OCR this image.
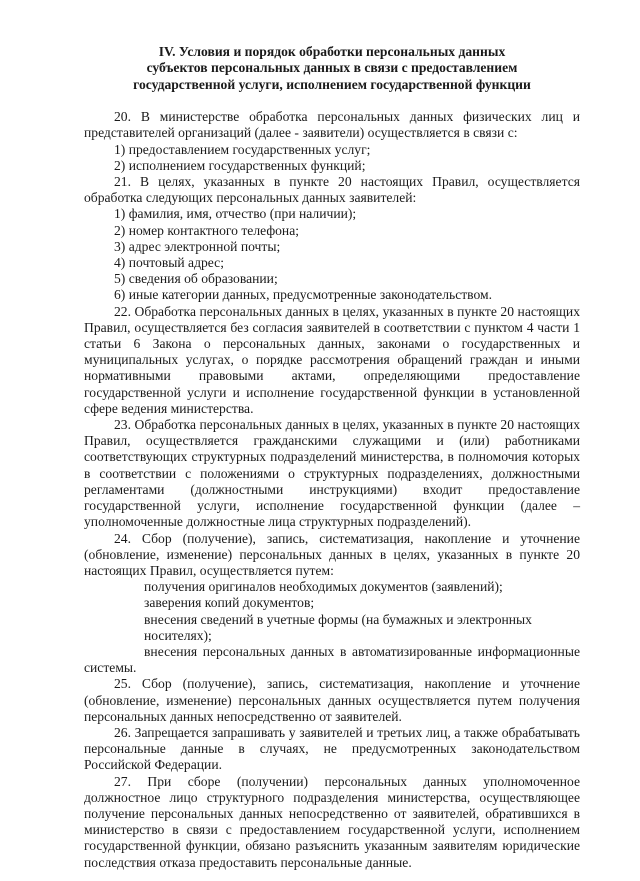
IV. Условия и порядок обработки персональных данных
субъектов персональных данных в связи с предоставлением
государственной услуги, исполнением государственной функции

20. В министерстве обработка персональных данных физических лиц и представителей организаций (далее - заявители) осуществляется в связи с:

1) предоставлением государственных услуг;

2) исполнением государственных функций;

21. В целях, указанных в пункте 20 настоящих Правил, осуществляется обработка следующих персональных данных заявителей:

1) фамилия, имя, отчество (при наличии);

2) номер контактного телефона;

3) адрес электронной почты;

4) почтовый адрес;

5) сведения об образовании;

6) иные категории данных, предусмотренные законодательством.

22. Обработка персональных данных в целях, указанных в пункте 20 настоящих Правил, осуществляется без согласия заявителей в соответствии с пунктом 4 части 1 статьи 6 Закона о персональных данных, законами о государственных и муниципальных услугах, о порядке рассмотрения обращений граждан и иными нормативными правовыми актами, определяющими предоставление государственной услуги и исполнение государственной функции в установленной сфере ведения министерства.

23. Обработка персональных данных в целях, указанных в пункте 20 настоящих Правил, осуществляется гражданскими служащими и (или) работниками соответствующих структурных подразделений министерства, в полномочия которых в соответствии с положениями о структурных подразделениях, должностными регламентами (должностными инструкциями) входит предоставление государственной услуги, исполнение государственной функции (далее – уполномоченные должностные лица структурных подразделений).

24. Сбор (получение), запись, систематизация, накопление и уточнение (обновление, изменение) персональных данных в целях, указанных в пункте 20 настоящих Правил, осуществляется путем:

получения оригиналов необходимых документов (заявлений);

заверения копий документов;

внесения сведений в учетные формы (на бумажных и электронных носителях);

внесения персональных данных в автоматизированные информационные системы.

25. Сбор (получение), запись, систематизация, накопление и уточнение (обновление, изменение) персональных данных осуществляется путем получения персональных данных непосредственно от заявителей.

26. Запрещается запрашивать у заявителей и третьих лиц, а также обрабатывать персональные данные в случаях, не предусмотренных законодательством Российской Федерации.

27. При сборе (получении) персональных данных уполномоченное должностное лицо структурного подразделения министерства, осуществляющее получение персональных данных непосредственно от заявителей, обратившихся в министерство в связи с предоставлением государственной услуги, исполнением государственной функции, обязано разъяснить указанным заявителям юридические последствия отказа предоставить персональные данные.
